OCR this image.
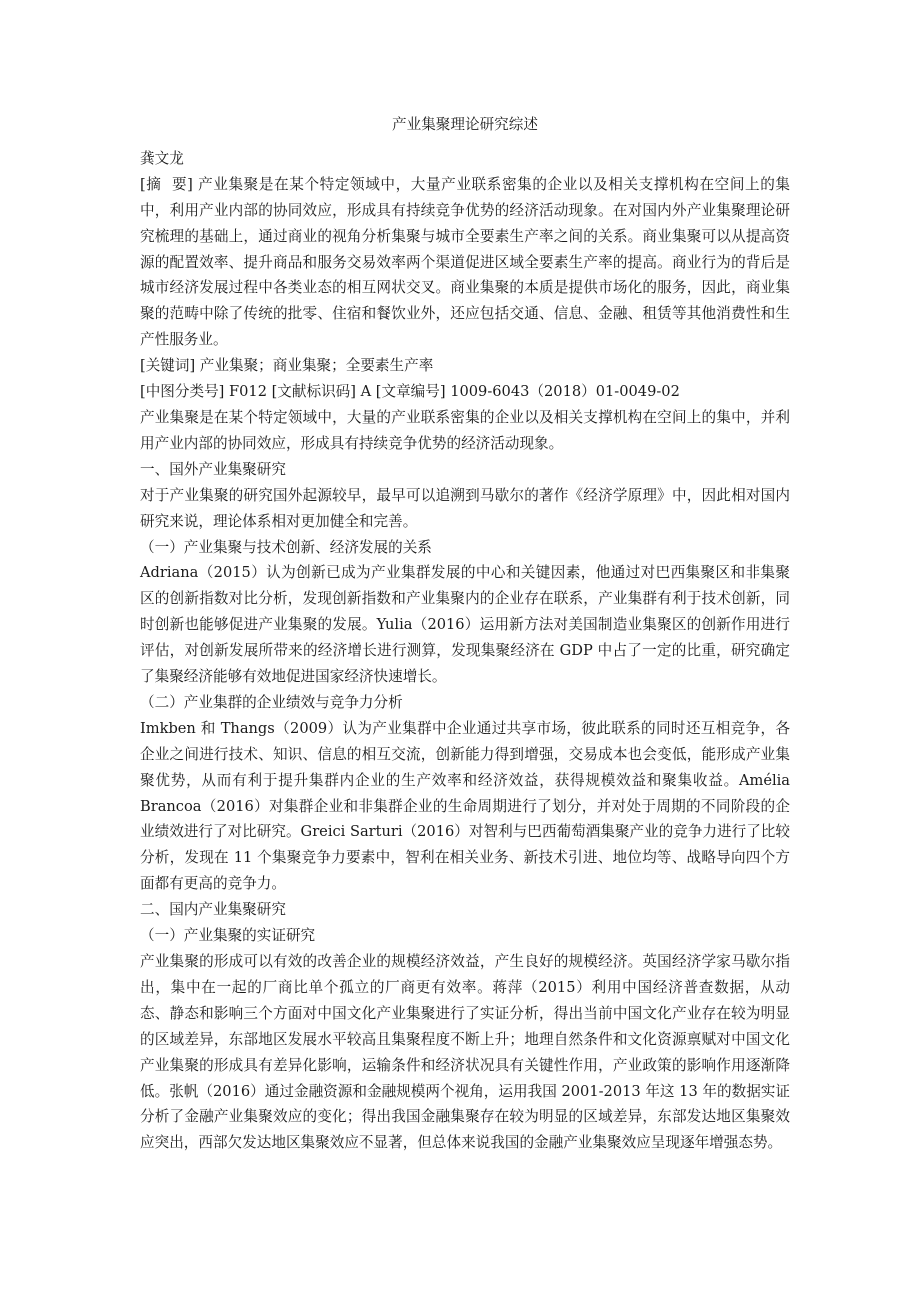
产业集聚理论研究综述

龚文龙

[摘  要] 产业集聚是在某个特定领域中，大量产业联系密集的企业以及相关支撑机构在空间上的集中，利用产业内部的协同效应，形成具有持续竞争优势的经济活动现象。在对国内外产业集聚理论研究梳理的基础上，通过商业的视角分析集聚与城市全要素生产率之间的关系。商业集聚可以从提高资源的配置效率、提升商品和服务交易效率两个渠道促进区域全要素生产率的提高。商业行为的背后是城市经济发展过程中各类业态的相互网状交叉。商业集聚的本质是提供市场化的服务，因此，商业集聚的范畴中除了传统的批零、住宿和餐饮业外，还应包括交通、信息、金融、租赁等其他消费性和生产性服务业。

[关键词] 产业集聚；商业集聚；全要素生产率

[中图分类号] F012 [文献标识码] A [文章编号] 1009-6043（2018）01-0049-02

产业集聚是在某个特定领域中，大量的产业联系密集的企业以及相关支撑机构在空间上的集中，并利用产业内部的协同效应，形成具有持续竞争优势的经济活动现象。

一、国外产业集聚研究

对于产业集聚的研究国外起源较早，最早可以追溯到马歇尔的著作《经济学原理》中，因此相对国内研究来说，理论体系相对更加健全和完善。

（一）产业集聚与技术创新、经济发展的关系

Adriana（2015）认为创新已成为产业集群发展的中心和关键因素，他通过对巴西集聚区和非集聚区的创新指数对比分析，发现创新指数和产业集聚内的企业存在联系，产业集群有利于技术创新，同时创新也能够促进产业集聚的发展。Yulia（2016）运用新方法对美国制造业集聚区的创新作用进行评估，对创新发展所带来的经济增长进行测算，发现集聚经济在 GDP 中占了一定的比重，研究确定了集聚经济能够有效地促进国家经济快速增长。

（二）产业集群的企业绩效与竞争力分析

Imkben 和 Thangs（2009）认为产业集群中企业通过共享市场，彼此联系的同时还互相竞争，各企业之间进行技术、知识、信息的相互交流，创新能力得到增强，交易成本也会变低，能形成产业集聚优势，从而有利于提升集群内企业的生产效率和经济效益，获得规模效益和聚集收益。Amélia Brancoa（2016）对集群企业和非集群企业的生命周期进行了划分，并对处于周期的不同阶段的企业绩效进行了对比研究。Greici Sarturi（2016）对智利与巴西葡萄酒集聚产业的竞争力进行了比较分析，发现在 11 个集聚竞争力要素中，智利在相关业务、新技术引进、地位均等、战略导向四个方面都有更高的竞争力。

二、国内产业集聚研究

（一）产业集聚的实证研究

产业集聚的形成可以有效的改善企业的规模经济效益，产生良好的规模经济。英国经济学家马歇尔指出，集中在一起的厂商比单个孤立的厂商更有效率。蒋萍（2015）利用中国经济普查数据，从动态、静态和影响三个方面对中国文化产业集聚进行了实证分析，得出当前中国文化产业存在较为明显的区域差异，东部地区发展水平较高且集聚程度不断上升；地理自然条件和文化资源禀赋对中国文化产业集聚的形成具有差异化影响，运输条件和经济状况具有关键性作用，产业政策的影响作用逐渐降低。张帆（2016）通过金融资源和金融规模两个视角，运用我国 2001-2013 年这 13 年的数据实证分析了金融产业集聚效应的变化；得出我国金融集聚存在较为明显的区域差异，东部发达地区集聚效应突出，西部欠发达地区集聚效应不显著，但总体来说我国的金融产业集聚效应呈现逐年增强态势。
